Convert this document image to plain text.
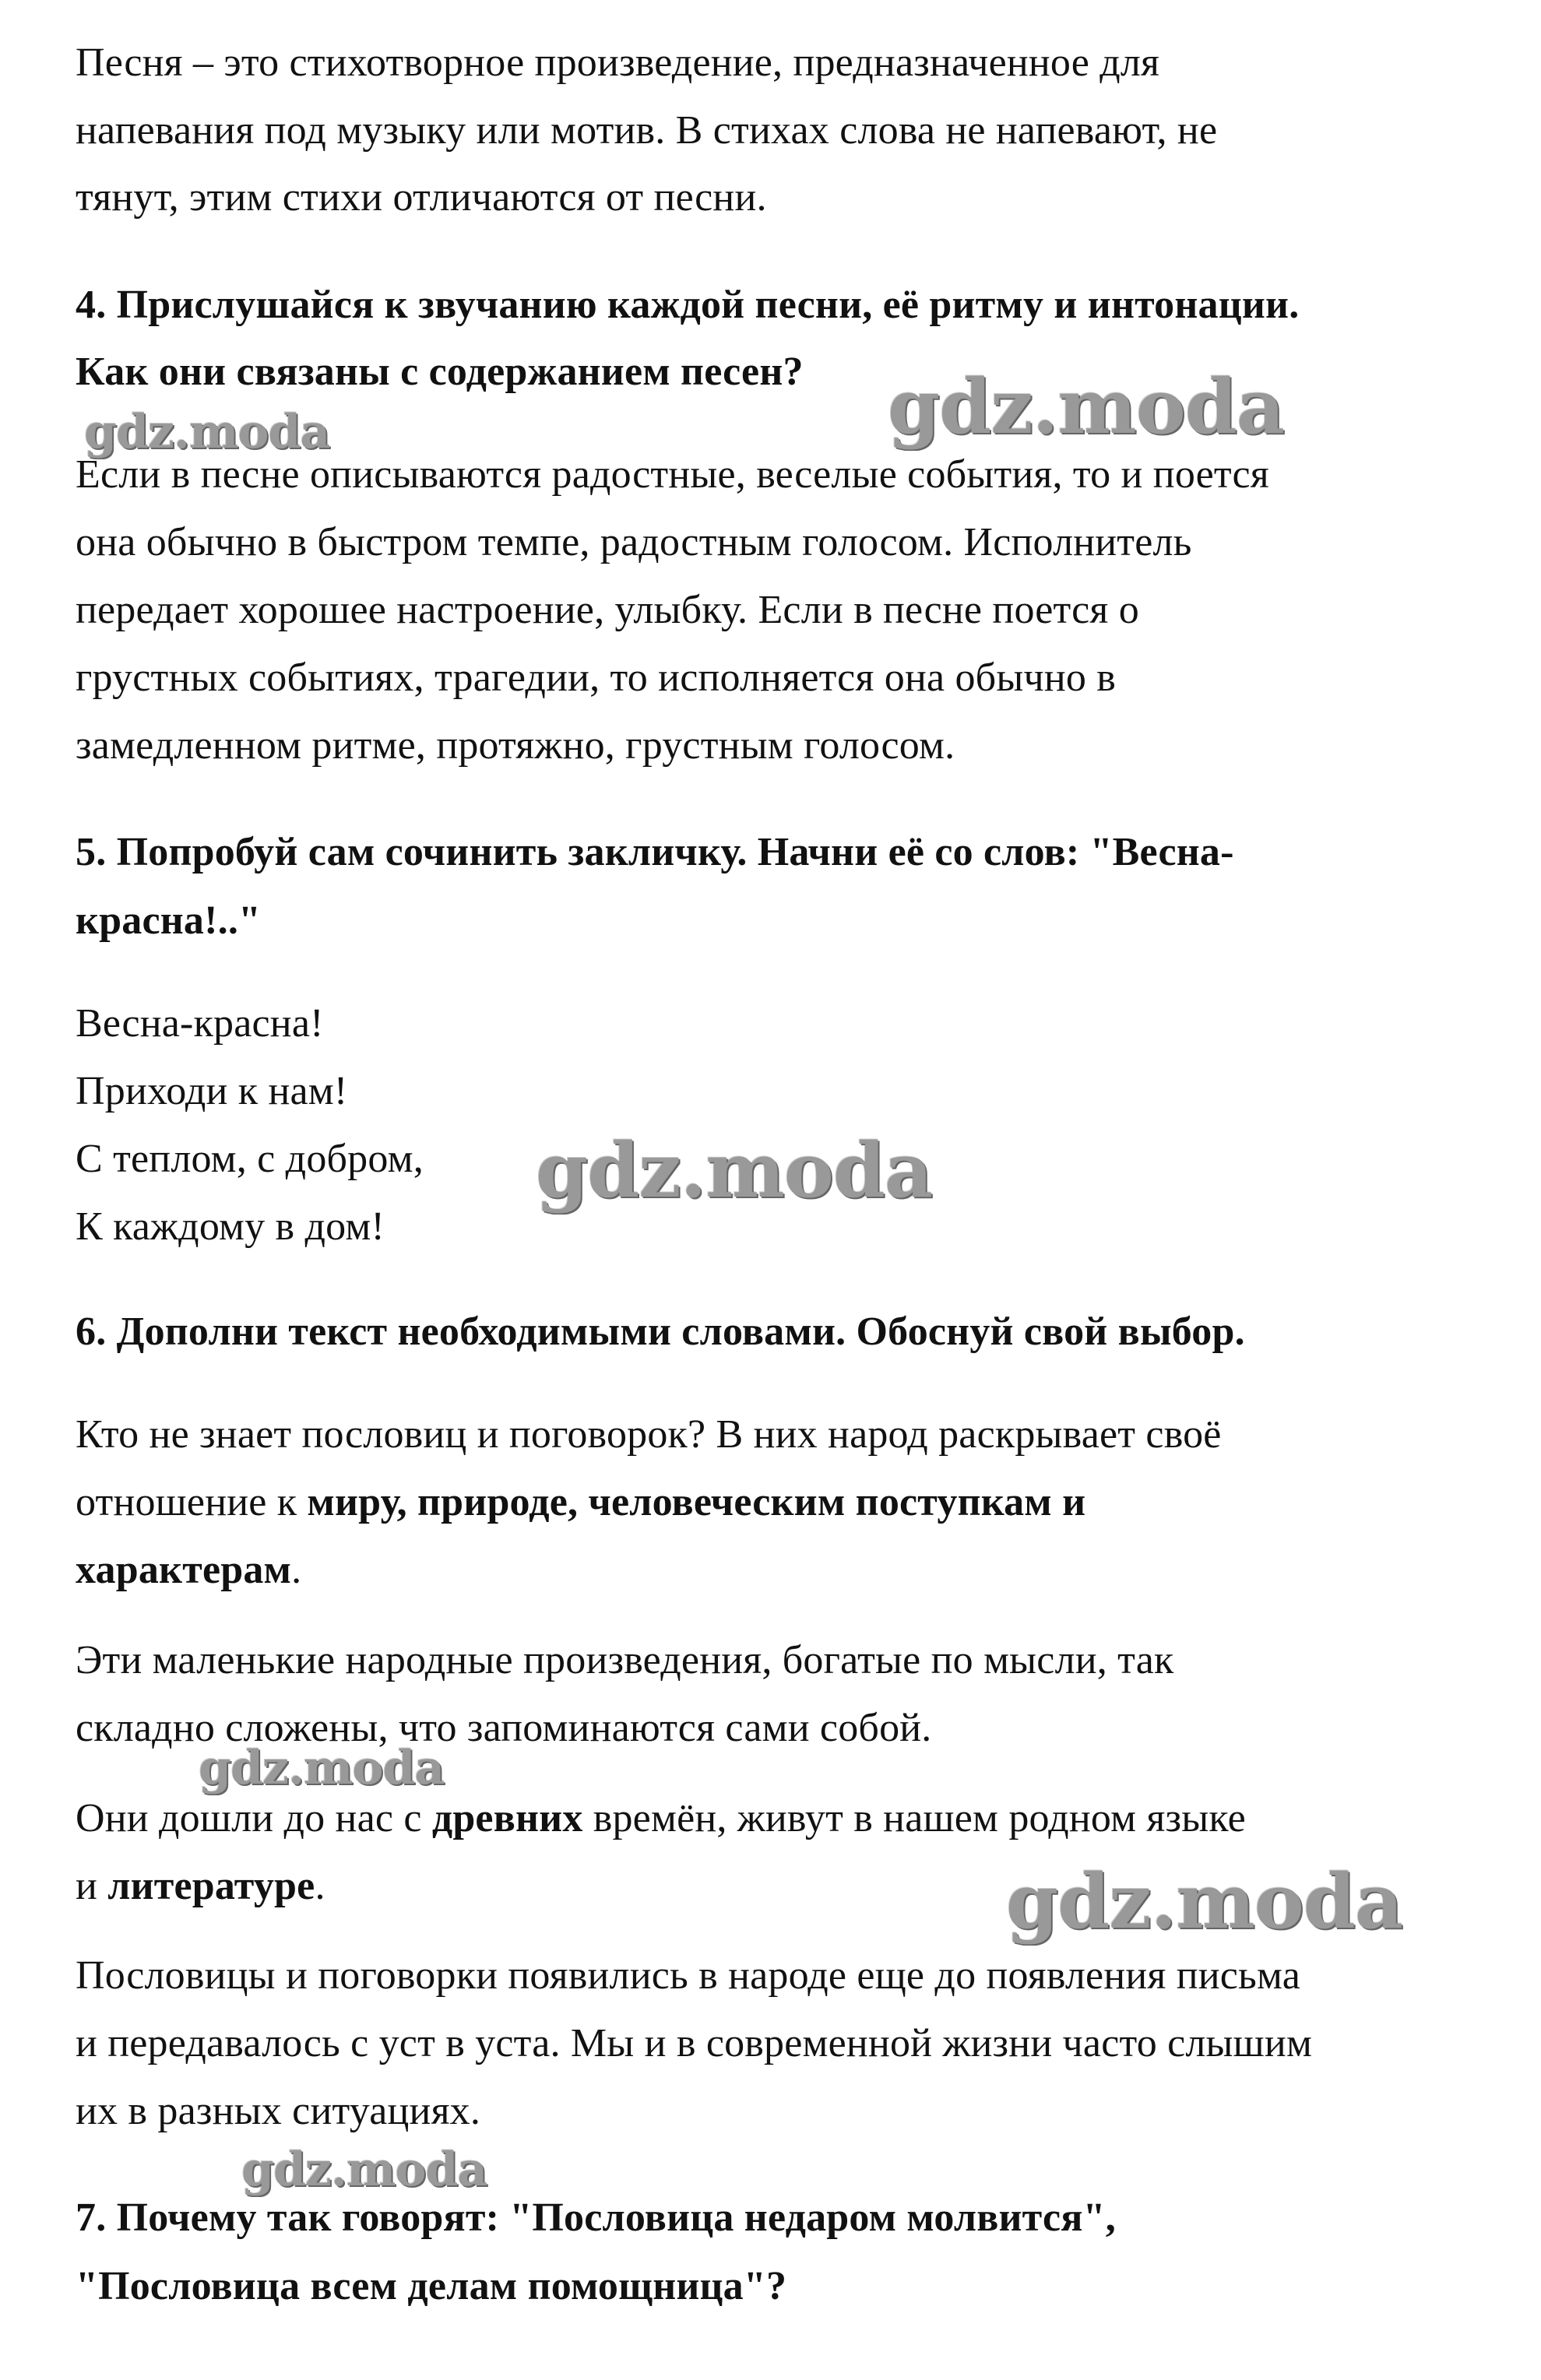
Песня – это стихотворное произведение, предназначенное для
напевания под музыку или мотив. В стихах слова не напевают, не
тянут, этим стихи отличаются от песни.
4. Прислушайся к звучанию каждой песни, её ритму и интонации.
Как они связаны с содержанием песен?
Если в песне описываются радостные, веселые события, то и поется
она обычно в быстром темпе, радостным голосом. Исполнитель
передает хорошее настроение, улыбку. Если в песне поется о
грустных событиях, трагедии, то исполняется она обычно в
замедленном ритме, протяжно, грустным голосом.
5. Попробуй сам сочинить закличку. Начни её со слов: "Весна-
красна!.."
Весна-красна!
Приходи к нам!
С теплом, с добром,
К каждому в дом!
6. Дополни текст необходимыми словами. Обоснуй свой выбор.
Кто не знает пословиц и поговорок? В них народ раскрывает своё
отношение к миру, природе, человеческим поступкам и
характерам.
Эти маленькие народные произведения, богатые по мысли, так
складно сложены, что запоминаются сами собой.
Они дошли до нас с древних времён, живут в нашем родном языке
и литературе.
Пословицы и поговорки появились в народе еще до появления письма
и передавалось с уст в уста. Мы и в современной жизни часто слышим
их в разных ситуациях.
7. Почему так говорят: "Пословица недаром молвится",
"Пословица всем делам помощница"?
gdz.moda
gdz.moda
gdz.moda
gdz.moda
gdz.moda
gdz.moda
